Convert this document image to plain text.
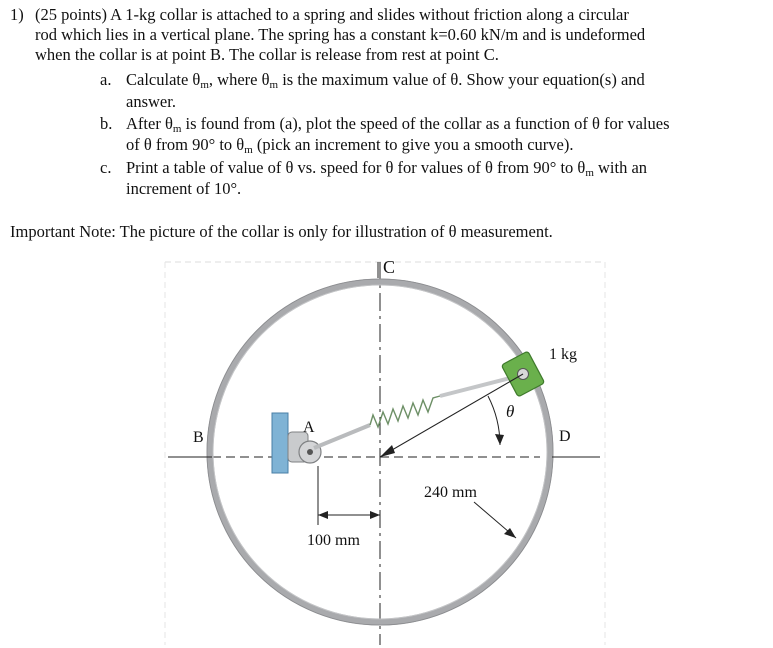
1) (25 points) A 1-kg collar is attached to a spring and slides without friction along a circular
rod which lies in a vertical plane. The spring has a constant k=0.60 kN/m and is undeformed
when the collar is at point B. The collar is release from rest at point C.
a. Calculate $\theta_m$, where $\theta_m$ is the maximum value of θ. Show your equation(s) and
answer.
b. After $\theta_m$ is found from (a), plot the speed of the collar as a function of θ for values
of θ from 90° to $\theta_m$ (pick an increment to give you a smooth curve).
c. Print a table of value of θ vs. speed for θ for values of θ from 90° to $\theta_m$ with an
increment of 10°.
Important Note: The picture of the collar is only for illustration of θ measurement.
C
A
B	D
1 kg
θ
240 mm
100 mm
